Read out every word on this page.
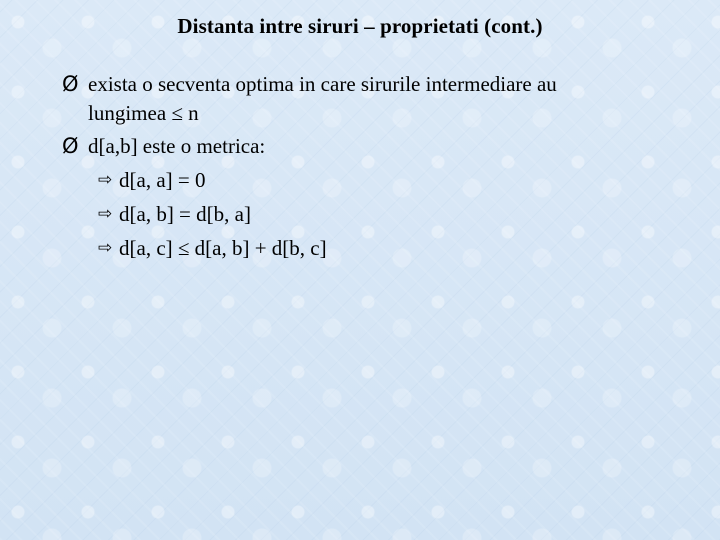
Distanta intre siruri – proprietati (cont.)
Ø exista o secventa optima in care sirurile intermediare au
lungimea ≤ n
Ø d[a,b] este o metrica:
⇨ d[a, a] = 0
⇨ d[a, b] = d[b, a]
⇨ d[a, c] ≤ d[a, b] + d[b, c]
